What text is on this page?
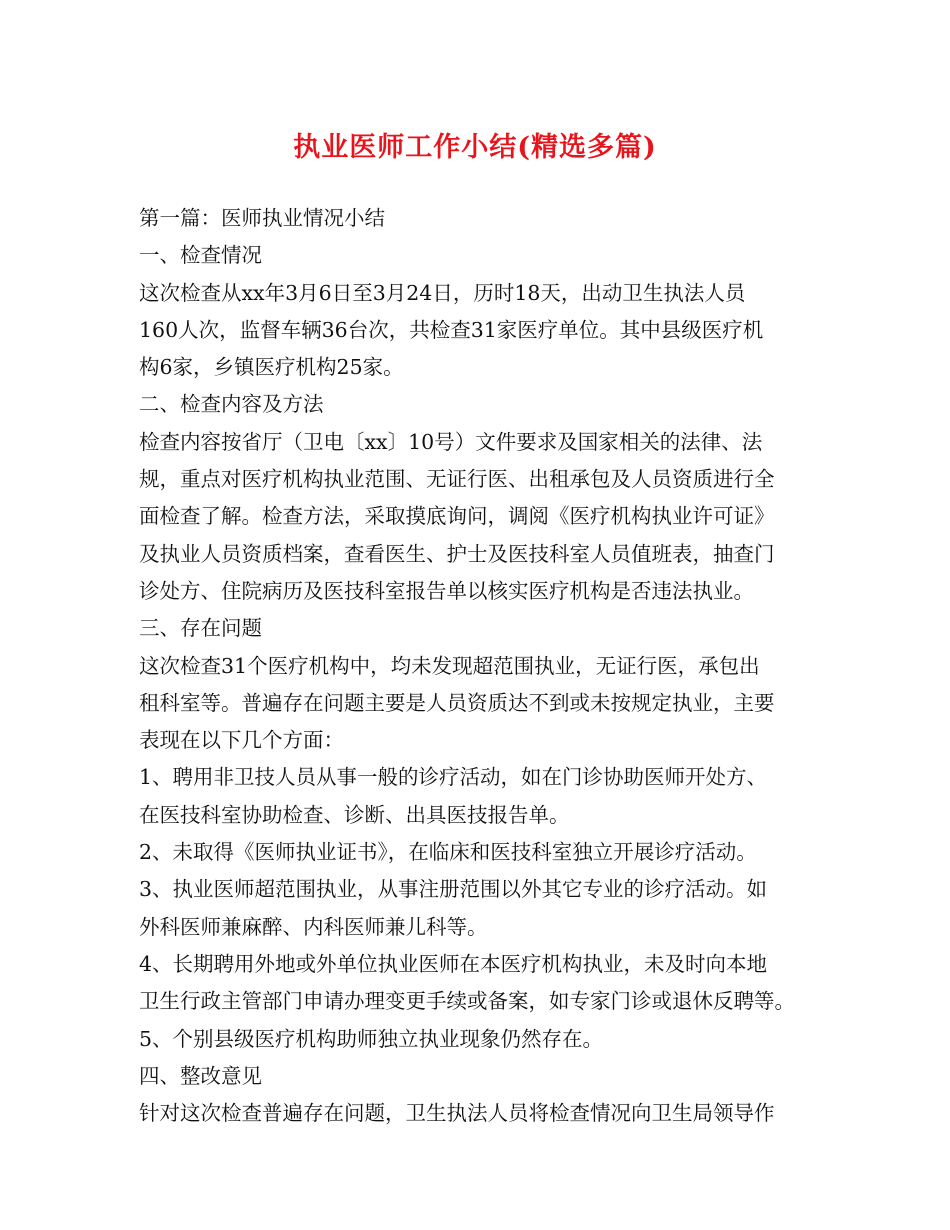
执业医师工作小结(精选多篇)
第一篇：医师执业情况小结
一、检查情况
这次检查从xx年3月6日至3月24日，历时18天，出动卫生执法人员
160人次，监督车辆36台次，共检查31家医疗单位。其中县级医疗机
构6家，乡镇医疗机构25家。
二、检查内容及方法
检查内容按省厅（卫电〔xx〕10号）文件要求及国家相关的法律、法
规，重点对医疗机构执业范围、无证行医、出租承包及人员资质进行全
面检查了解。检查方法，采取摸底询问，调阅《医疗机构执业许可证》
及执业人员资质档案，查看医生、护士及医技科室人员值班表，抽查门
诊处方、住院病历及医技科室报告单以核实医疗机构是否违法执业。
三、存在问题
这次检查31个医疗机构中，均未发现超范围执业，无证行医，承包出
租科室等。普遍存在问题主要是人员资质达不到或未按规定执业，主要
表现在以下几个方面：
1、聘用非卫技人员从事一般的诊疗活动，如在门诊协助医师开处方、
在医技科室协助检查、诊断、出具医技报告单。
2、未取得《医师执业证书》，在临床和医技科室独立开展诊疗活动。
3、执业医师超范围执业，从事注册范围以外其它专业的诊疗活动。如
外科医师兼麻醉、内科医师兼儿科等。
4、长期聘用外地或外单位执业医师在本医疗机构执业，未及时向本地
卫生行政主管部门申请办理变更手续或备案，如专家门诊或退休反聘等。
5、个别县级医疗机构助师独立执业现象仍然存在。
四、整改意见
针对这次检查普遍存在问题，卫生执法人员将检查情况向卫生局领导作
